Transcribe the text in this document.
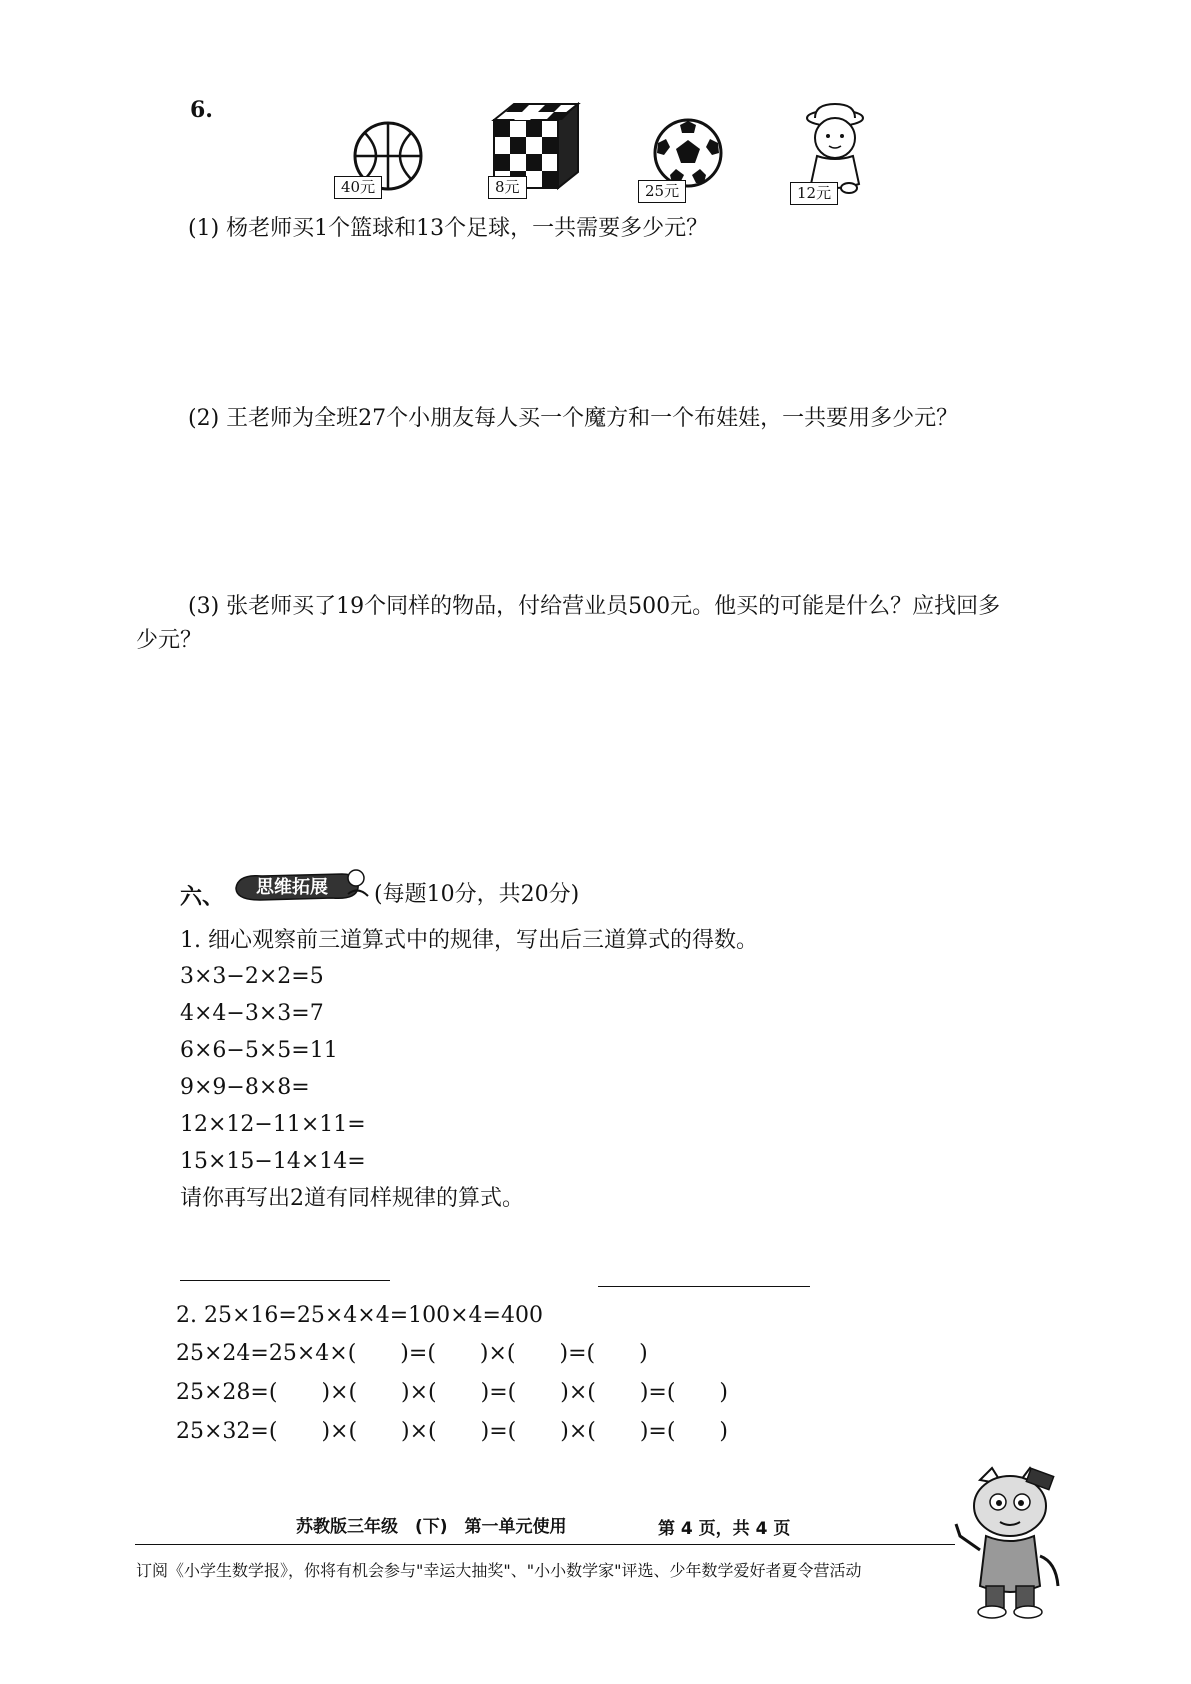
6.
40元	8元	25元	12元
(1) 杨老师买1个篮球和13个足球，一共需要多少元？
(2) 王老师为全班27个小朋友每人买一个魔方和一个布娃娃，一共要用多少元？
(3) 张老师买了19个同样的物品，付给营业员500元。他买的可能是什么？应找回多
少元？
六、 思维拓展 (每题10分，共20分)
1. 细心观察前三道算式中的规律，写出后三道算式的得数。
3×3−2×2=5
4×4−3×3=7
6×6−5×5=11
9×9−8×8=
12×12−11×11=
15×15−14×14=
请你再写出2道有同样规律的算式。
2. 25×16=25×4×4=100×4=400
25×24=25×4×(　　)=(　　)×(　　)=(　　)
25×28=(　　)×(　　)×(　　)=(　　)×(　　)=(　　)
25×32=(　　)×(　　)×(　　)=(　　)×(　　)=(　　)
苏教版三年级　(下)　第一单元使用	第 4 页，共 4 页
订阅《小学生数学报》，你将有机会参与"幸运大抽奖"、"小小数学家"评选、少年数学爱好者夏令营活动
